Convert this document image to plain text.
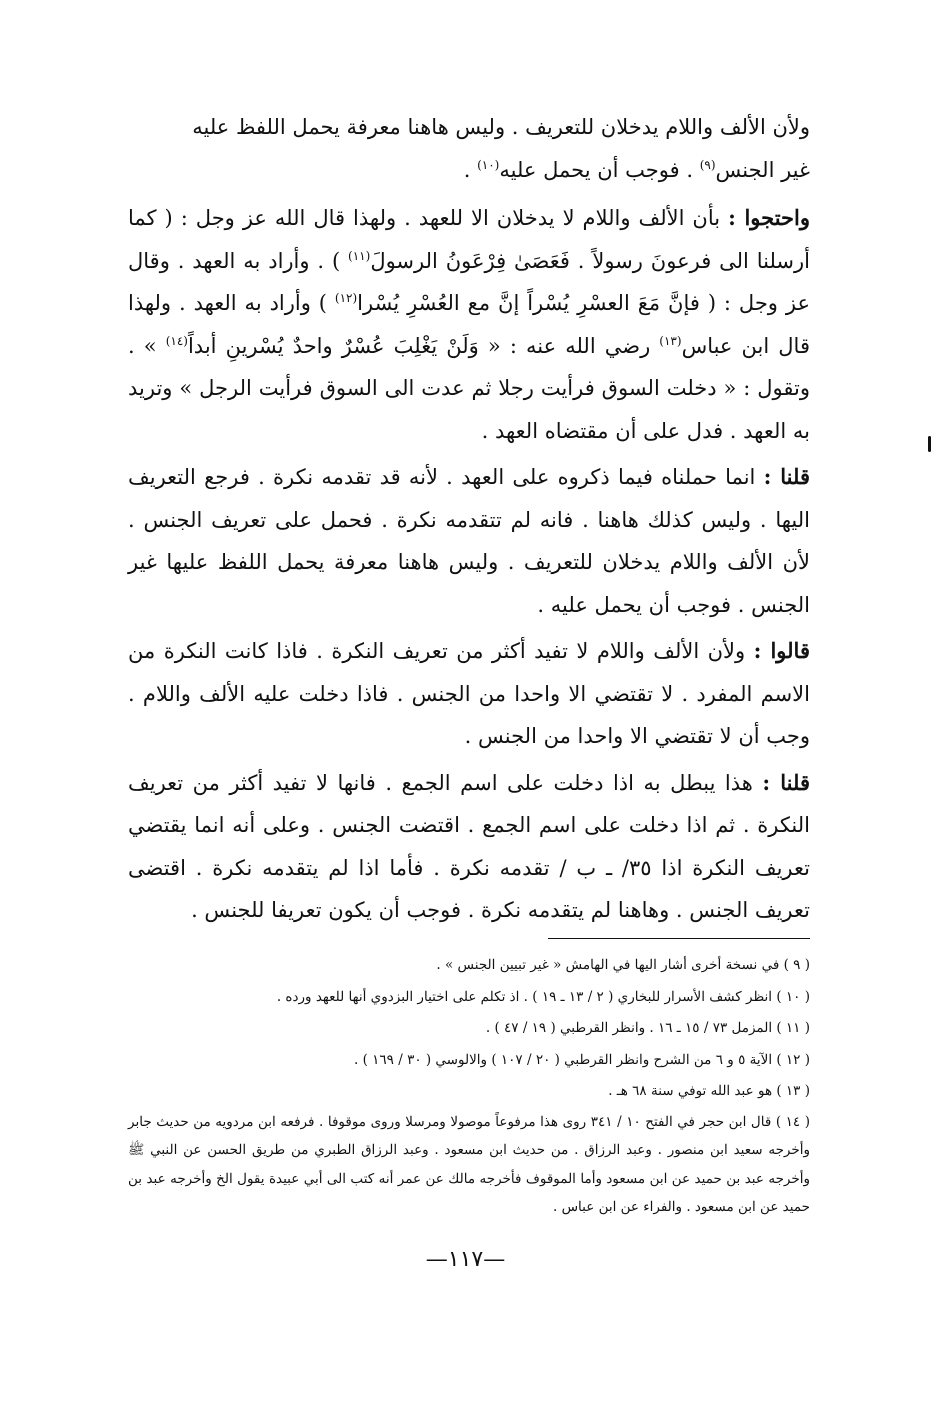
ولأن الألف واللام يدخلان للتعريف . وليس هاهنا معرفة يحمل اللفظ عليه
غير الجنس$^{(٩)}$ . فوجب أن يحمل عليه$^{(١٠)}$ .

واحتجوا : بأن الألف واللام لا يدخلان الا للعهد . ولهذا قال الله عز وجل : ( كما أرسلنا الى فرعونَ رسولاً . فَعَصَىٰ فِرْعَونُ الرسولَ$^{(١١)}$ ) . وأراد به العهد . وقال عز وجل : ( فإنَّ مَعَ العسْرِ يُسْراً إنَّ مع العُسْرِ يُسْرا$^{(١٢)}$ ) وأراد به العهد . ولهذا قال ابن عباس$^{(١٣)}$ رضي الله عنه : « وَلَنْ يَغْلِبَ عُسْرٌ واحدٌ يُسْرينِ أبداً$^{(١٤)}$ » . وتقول : « دخلت السوق فرأيت رجلا ثم عدت الى السوق فرأيت الرجل » وتريد به العهد . فدل على أن مقتضاه العهد .

قلنا : انما حملناه فيما ذكروه على العهد . لأنه قد تقدمه نكرة . فرجع التعريف اليها . وليس كذلك هاهنا . فانه لم تتقدمه نكرة . فحمل على تعريف الجنس . لأن الألف واللام يدخلان للتعريف . وليس هاهنا معرفة يحمل اللفظ عليها غير الجنس . فوجب أن يحمل عليه .

قالوا : ولأن الألف واللام لا تفيد أكثر من تعريف النكرة . فاذا كانت النكرة من الاسم المفرد . لا تقتضي الا واحدا من الجنس . فاذا دخلت عليه الألف واللام . وجب أن لا تقتضي الا واحدا من الجنس .

قلنا : هذا يبطل به اذا دخلت على اسم الجمع . فانها لا تفيد أكثر من تعريف النكرة . ثم اذا دخلت على اسم الجمع . اقتضت الجنس . وعلى أنه انما يقتضي تعريف النكرة اذا ٣٥/ ـ ب / تقدمه نكرة . فأما اذا لم يتقدمه نكرة . اقتضى تعريف الجنس . وهاهنا لم يتقدمه نكرة . فوجب أن يكون تعريفا للجنس .

( ٩ ) في نسخة أخرى أشار اليها في الهامش « غير تبيين الجنس » .

( ١٠ ) انظر كشف الأسرار للبخاري ( ٢ / ١٣ ـ ١٩ ) . اذ تكلم على اختيار البزدوي أنها للعهد ورده .

( ١١ ) المزمل ٧٣ / ١٥ ـ ١٦ . وانظر القرطبي ( ١٩ / ٤٧ ) .

( ١٢ ) الآية ٥ و ٦ من الشرح وانظر القرطبي ( ٢٠ / ١٠٧ ) والالوسي ( ٣٠ / ١٦٩ ) .

( ١٣ ) هو عبد الله توفي سنة ٦٨ هـ .

( ١٤ ) قال ابن حجر في الفتح ١٠ / ٣٤١ روى هذا مرفوعاً موصولا ومرسلا وروى موقوفا . فرفعه ابن مردويه من حديث جابر وأخرجه سعيد ابن منصور . وعبد الرزاق . من حديث ابن مسعود . وعبد الرزاق الطبري من طريق الحسن عن النبي ﷺ وأخرجه عبد بن حميد عن ابن مسعود وأما الموقوف فأخرجه مالك عن عمر أنه كتب الى أبي عبيدة يقول الخ وأخرجه عبد بن حميد عن ابن مسعود . والفراء عن ابن عباس .

—١١٧—
